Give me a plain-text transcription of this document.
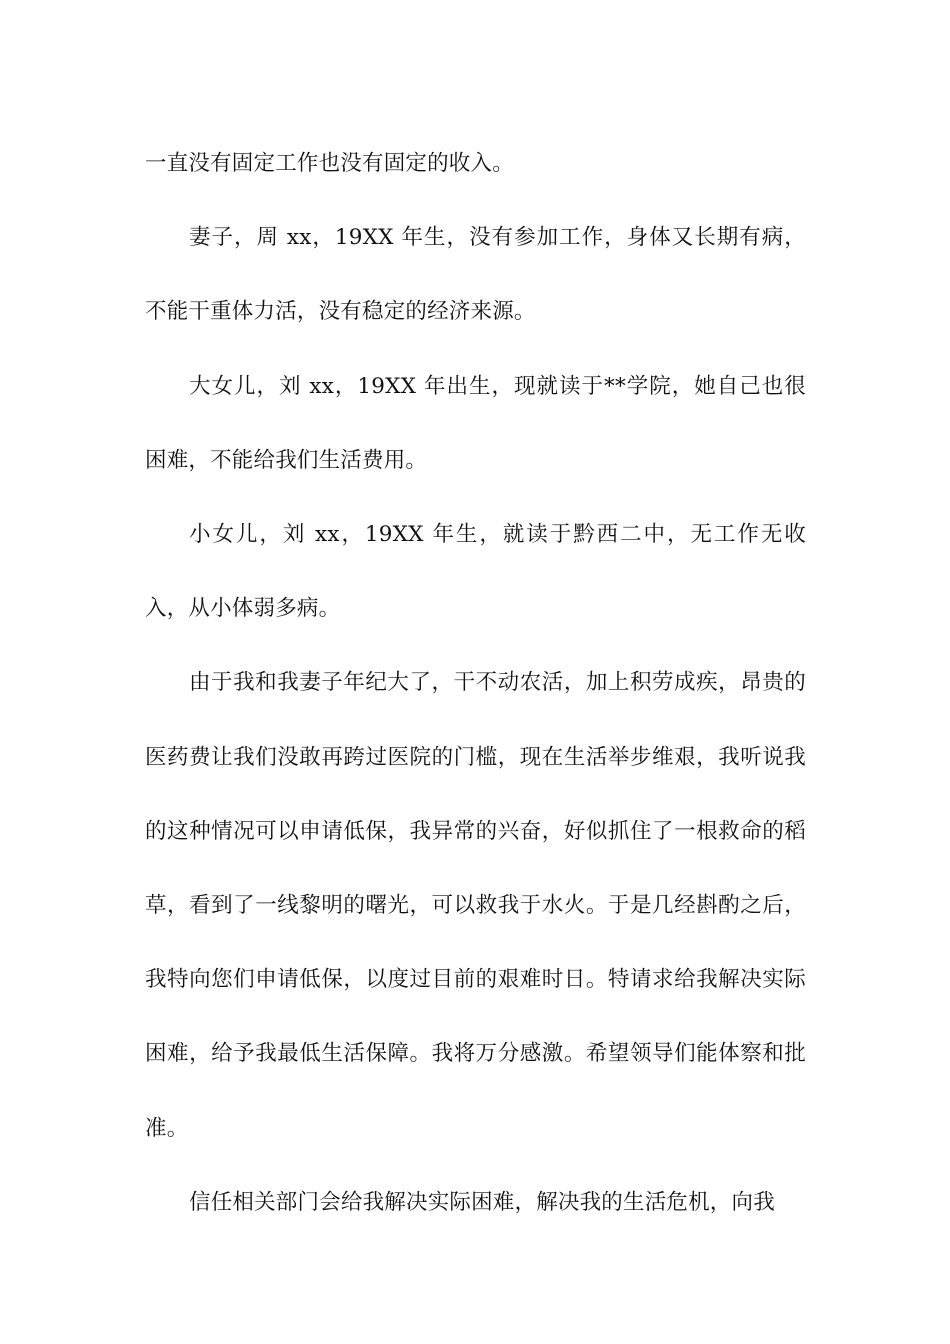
一直没有固定工作也没有固定的收入。

妻子，周 xx，19XX 年生，没有参加工作，身体又长期有病，不能干重体力活，没有稳定的经济来源。

大女儿，刘 xx，19XX 年出生，现就读于**学院，她自己也很困难，不能给我们生活费用。

小女儿，刘 xx，19XX 年生，就读于黔西二中，无工作无收入，从小体弱多病。

由于我和我妻子年纪大了，干不动农活，加上积劳成疾，昂贵的医药费让我们没敢再跨过医院的门槛，现在生活举步维艰，我听说我的这种情况可以申请低保，我异常的兴奋，好似抓住了一根救命的稻草，看到了一线黎明的曙光，可以救我于水火。于是几经斟酌之后，我特向您们申请低保，以度过目前的艰难时日。特请求给我解决实际困难，给予我最低生活保障。我将万分感激。希望领导们能体察和批准。

信任相关部门会给我解决实际困难，解决我的生活危机，向我
